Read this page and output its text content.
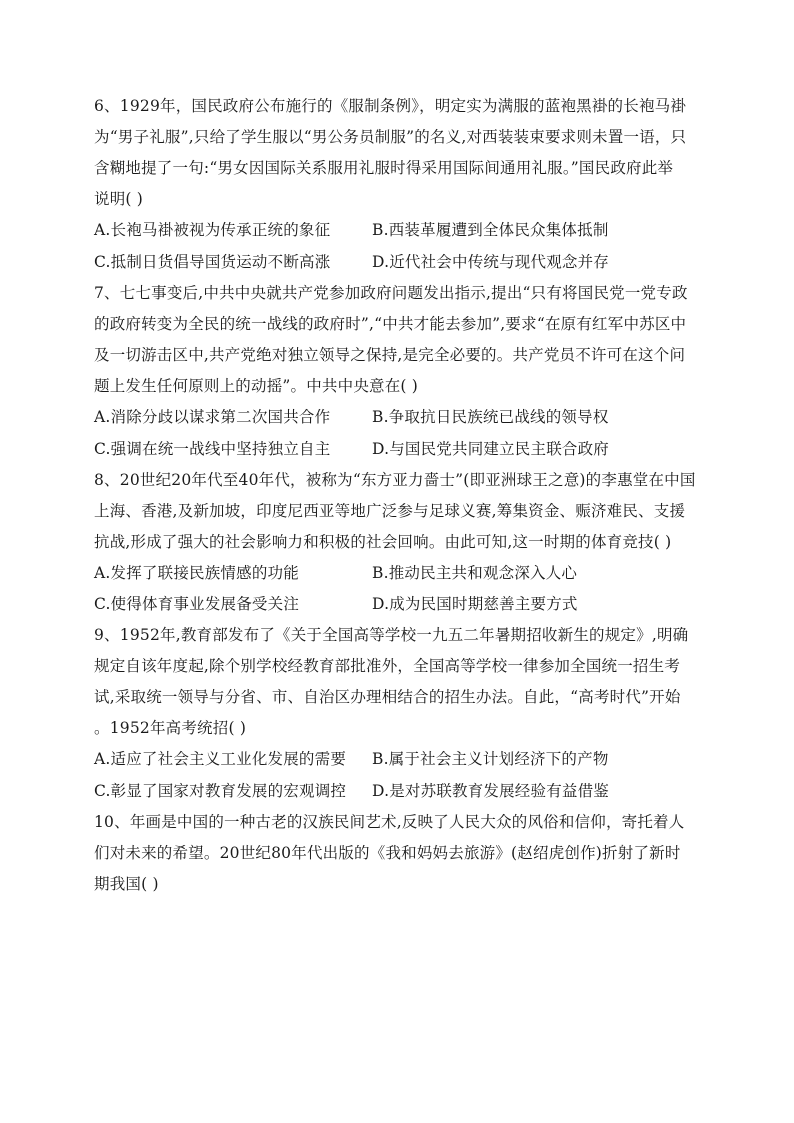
6、1929年，国民政府公布施行的《服制条例》，明定实为满服的蓝袍黑褂的长袍马褂
为“男子礼服”,只给了学生服以“男公务员制服”的名义,对西装装束要求则未置一语，只
含糊地提了一句:“男女因国际关系服用礼服时得采用国际间通用礼服。”国民政府此举
说明( )
A.长袍马褂被视为传承正统的象征	B.西装革履遭到全体民众集体抵制
C.抵制日货倡导国货运动不断高涨	D.近代社会中传统与现代观念并存
7、七七事变后,中共中央就共产党参加政府问题发出指示,提出“只有将国民党一党专政
的政府转变为全民的统一战线的政府时”,“中共才能去参加”,要求“在原有红军中苏区中
及一切游击区中,共产党绝对独立领导之保持,是完全必要的。共产党员不许可在这个问
题上发生任何原则上的动摇”。中共中央意在( )
A.消除分歧以谋求第二次国共合作	B.争取抗日民族统已战线的领导权
C.强调在统一战线中坚持独立自主	D.与国民党共同建立民主联合政府
8、20世纪20年代至40年代，被称为“东方亚力嗇士”(即亚洲球王之意)的李惠堂在中国
上海、香港,及新加坡，印度尼西亚等地广泛参与足球义赛,筹集资金、赈济难民、支援
抗战,形成了强大的社会影响力和积极的社会回响。由此可知,这一时期的体育竞技( )
A.发挥了联接民族情感的功能	B.推动民主共和观念深入人心
C.使得体育事业发展备受关注	D.成为民国时期慈善主要方式
9、1952年,教育部发布了《关于全国高等学校一九五二年暑期招收新生的规定》,明确
规定自该年度起,除个别学校经教育部批准外，全国高等学校一律参加全国统一招生考
试,采取统一领导与分省、市、自治区办理相结合的招生办法。自此，“高考时代”开始
。1952年高考统招( )
A.适应了社会主义工业化发展的需要 B.属于社会主义计划经济下的产物
C.彰显了国家对教育发展的宏观调控 D.是对苏联教育发展经验有益借鉴
10、年画是中国的一种古老的汉族民间艺术,反映了人民大众的风俗和信仰，寄托着人
们对未来的希望。20世纪80年代出版的《我和妈妈去旅游》(赵绍虎创作)折射了新时
期我国( )
